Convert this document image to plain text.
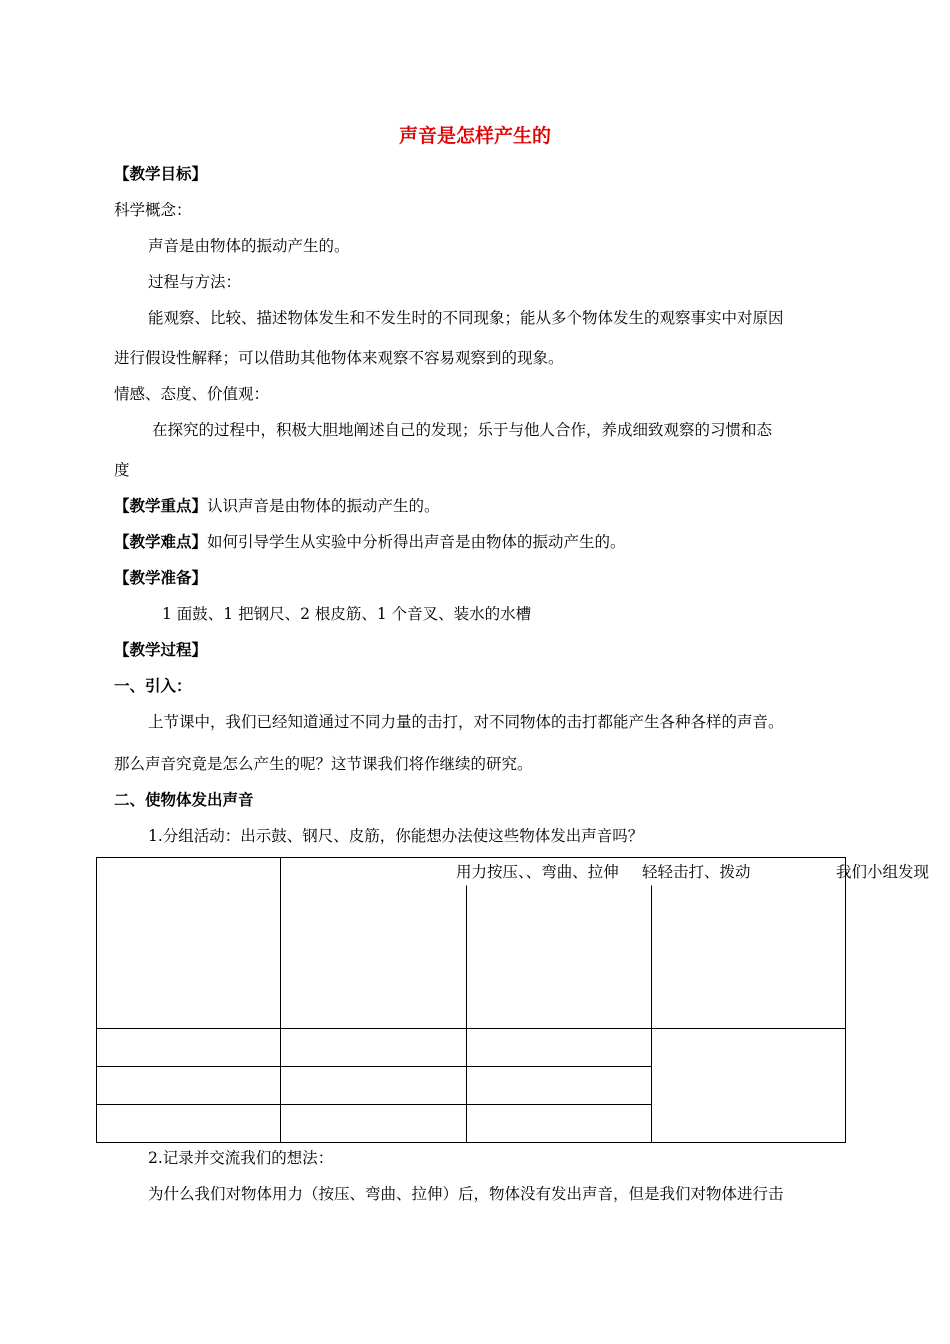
声音是怎样产生的
【教学目标】
科学概念：
声音是由物体的振动产生的。
过程与方法：
能观察、比较、描述物体发生和不发生时的不同现象；能从多个物体发生的观察事实中对原因
进行假设性解释；可以借助其他物体来观察不容易观察到的现象。
情感、态度、价值观：
在探究的过程中，积极大胆地阐述自己的发现；乐于与他人合作，养成细致观察的习惯和态
度
【教学重点】认识声音是由物体的振动产生的。
【教学难点】如何引导学生从实验中分析得出声音是由物体的振动产生的。
【教学准备】
1 面鼓、1 把钢尺、2 根皮筋、1 个音叉、装水的水槽
【教学过程】
一、引入：
上节课中，我们已经知道通过不同力量的击打，对不同物体的击打都能产生各种各样的声音。
那么声音究竟是怎么产生的呢？这节课我们将作继续的研究。
二、使物体发出声音
1.分组活动：出示鼓、钢尺、皮筋，你能想办法使这些物体发出声音吗？
用力按压、、弯曲、拉伸 轻轻击打、拨动	我们小组发现
2.记录并交流我们的想法：
为什么我们对物体用力（按压、弯曲、拉伸）后，物体没有发出声音，但是我们对物体进行击
